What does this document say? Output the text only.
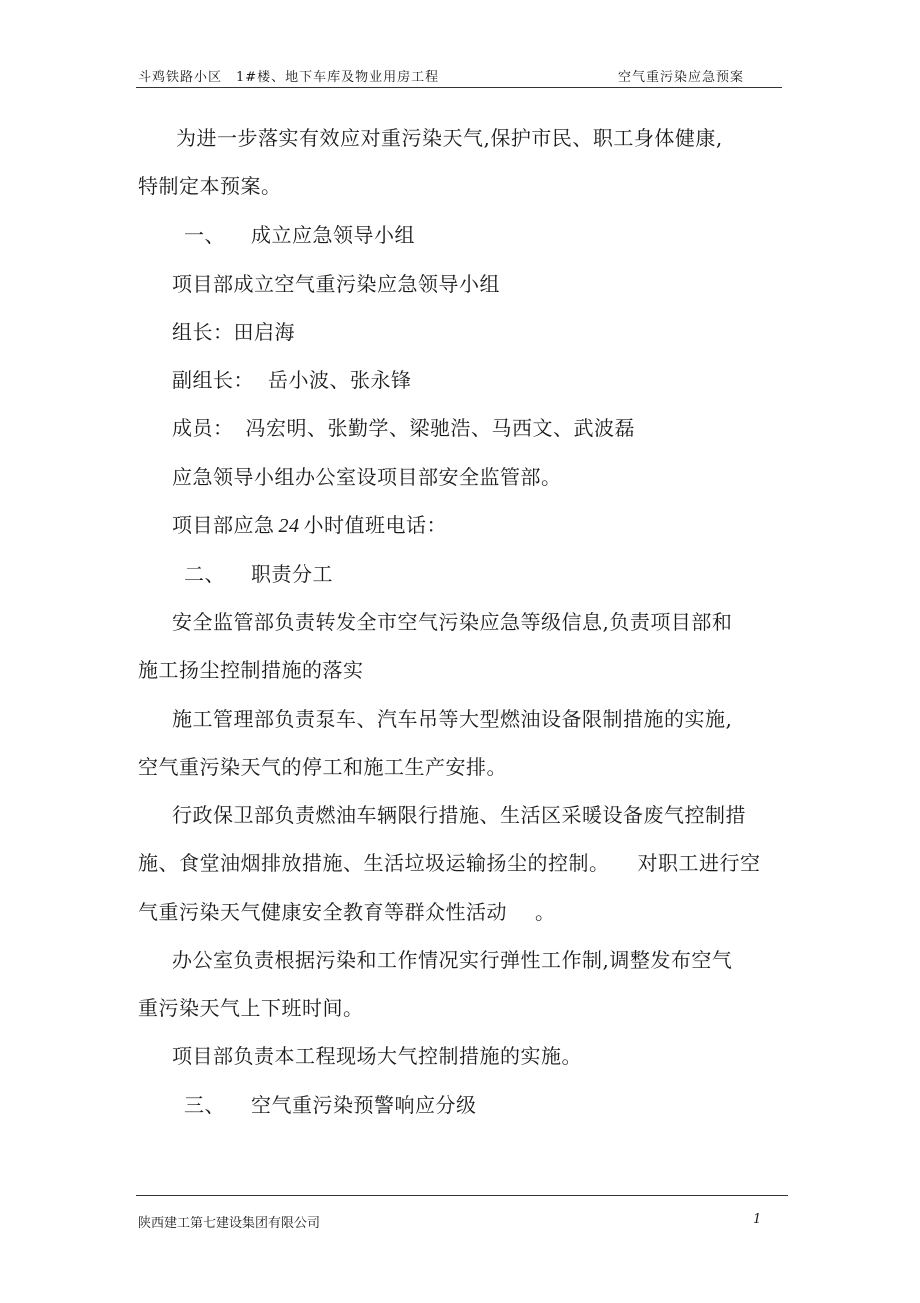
斗鸡铁路小区　1#楼、地下车库及物业用房工程	空气重污染应急预案
为进一步落实有效应对重污染天气,保护市民、职工身体健康,
特制定本预案。
一、 成立应急领导小组
项目部成立空气重污染应急领导小组
组长：田启海
副组长： 岳小波、张永锋
成员： 冯宏明、张勤学、梁驰浩、马西文、武波磊
应急领导小组办公室设项目部安全监管部。
项目部应急 24 小时值班电话：
二、 职责分工
安全监管部负责转发全市空气污染应急等级信息,负责项目部和
施工扬尘控制措施的落实
施工管理部负责泵车、汽车吊等大型燃油设备限制措施的实施,
空气重污染天气的停工和施工生产安排。
行政保卫部负责燃油车辆限行措施、生活区采暖设备废气控制措
施、食堂油烟排放措施、生活垃圾运输扬尘的控制。 对职工进行空
气重污染天气健康安全教育等群众性活动 。
办公室负责根据污染和工作情况实行弹性工作制,调整发布空气
重污染天气上下班时间。
项目部负责本工程现场大气控制措施的实施。
三、 空气重污染预警响应分级
陕西建工第七建设集团有限公司	1
